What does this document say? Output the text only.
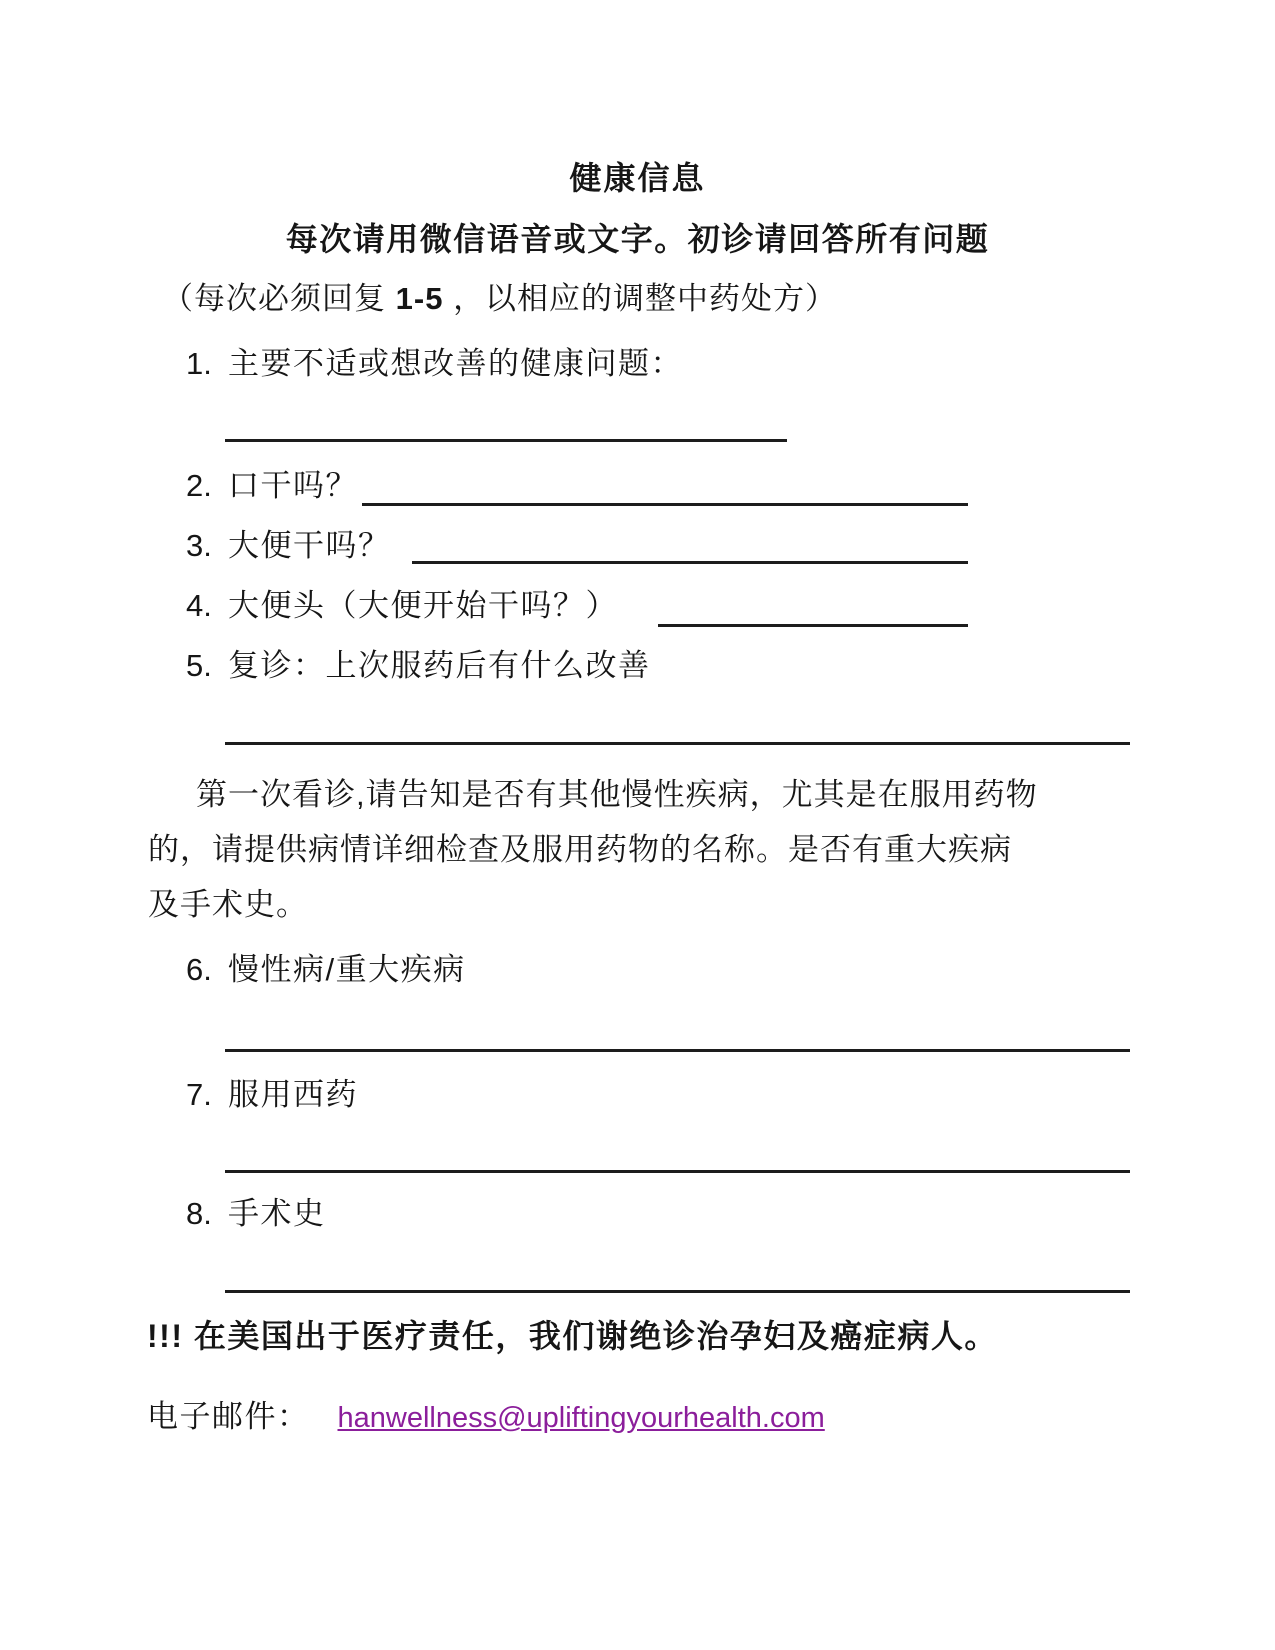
健康信息
每次请用微信语音或文字。初诊请回答所有问题
（每次必须回复 1-5 ，以相应的调整中药处方）
1. 主要不适或想改善的健康问题：
2. 口干吗？
3. 大便干吗？
4. 大便头（大便开始干吗？）
5. 复诊：上次服药后有什么改善
第一次看诊,请告知是否有其他慢性疾病，尤其是在服用药物
的，请提供病情详细检查及服用药物的名称。是否有重大疾病
及手术史。
6. 慢性病/重大疾病
7. 服用西药
8. 手术史
!!! 在美国出于医疗责任，我们谢绝诊治孕妇及癌症病人。
电子邮件： hanwellness@upliftingyourhealth.com
